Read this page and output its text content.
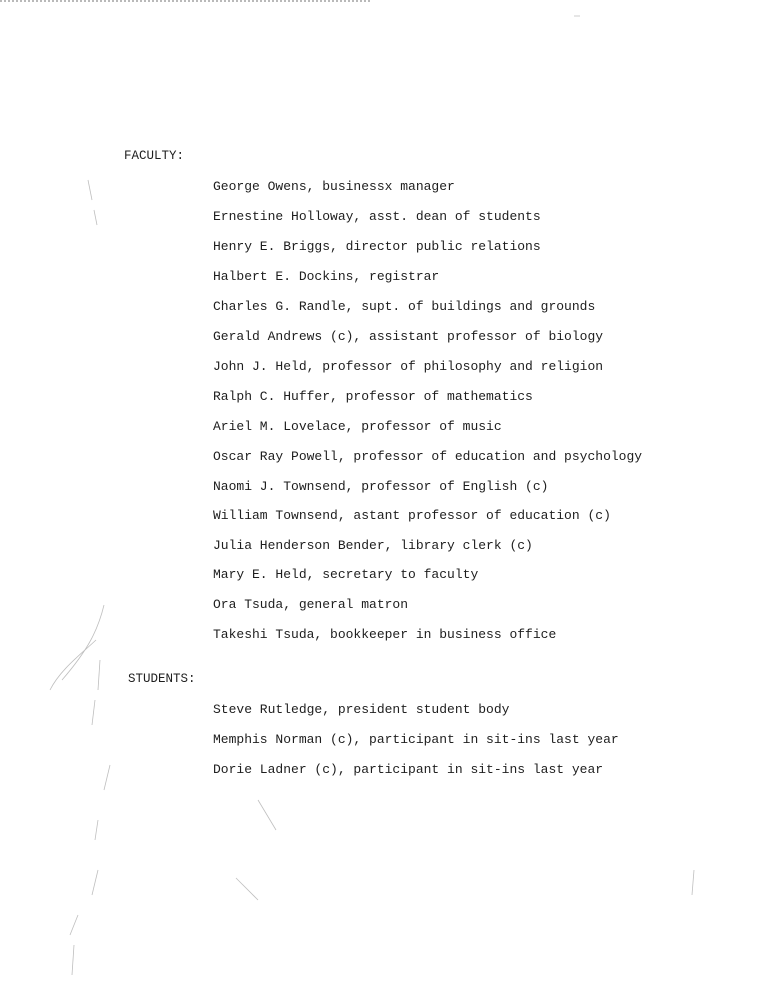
FACULTY:
George Owens, businessx manager
Ernestine Holloway, asst. dean of students
Henry E. Briggs, director public relations
Halbert E. Dockins, registrar
Charles G. Randle, supt. of buildings and grounds
Gerald Andrews (c), assistant professor of biology
John J. Held, professor of philosophy and religion
Ralph C. Huffer, professor of mathematics
Ariel M. Lovelace, professor of music
Oscar Ray Powell, professor of education and psychology
Naomi J. Townsend, professor of English (c)
William Townsend, astant professor of education (c)
Julia Henderson Bender, library clerk (c)
Mary E. Held, secretary to faculty
Ora Tsuda, general matron
Takeshi Tsuda, bookkeeper in business office
STUDENTS:
Steve Rutledge, president student body
Memphis Norman (c), participant in sit-ins last year
Dorie Ladner (c), participant in sit-ins last year
